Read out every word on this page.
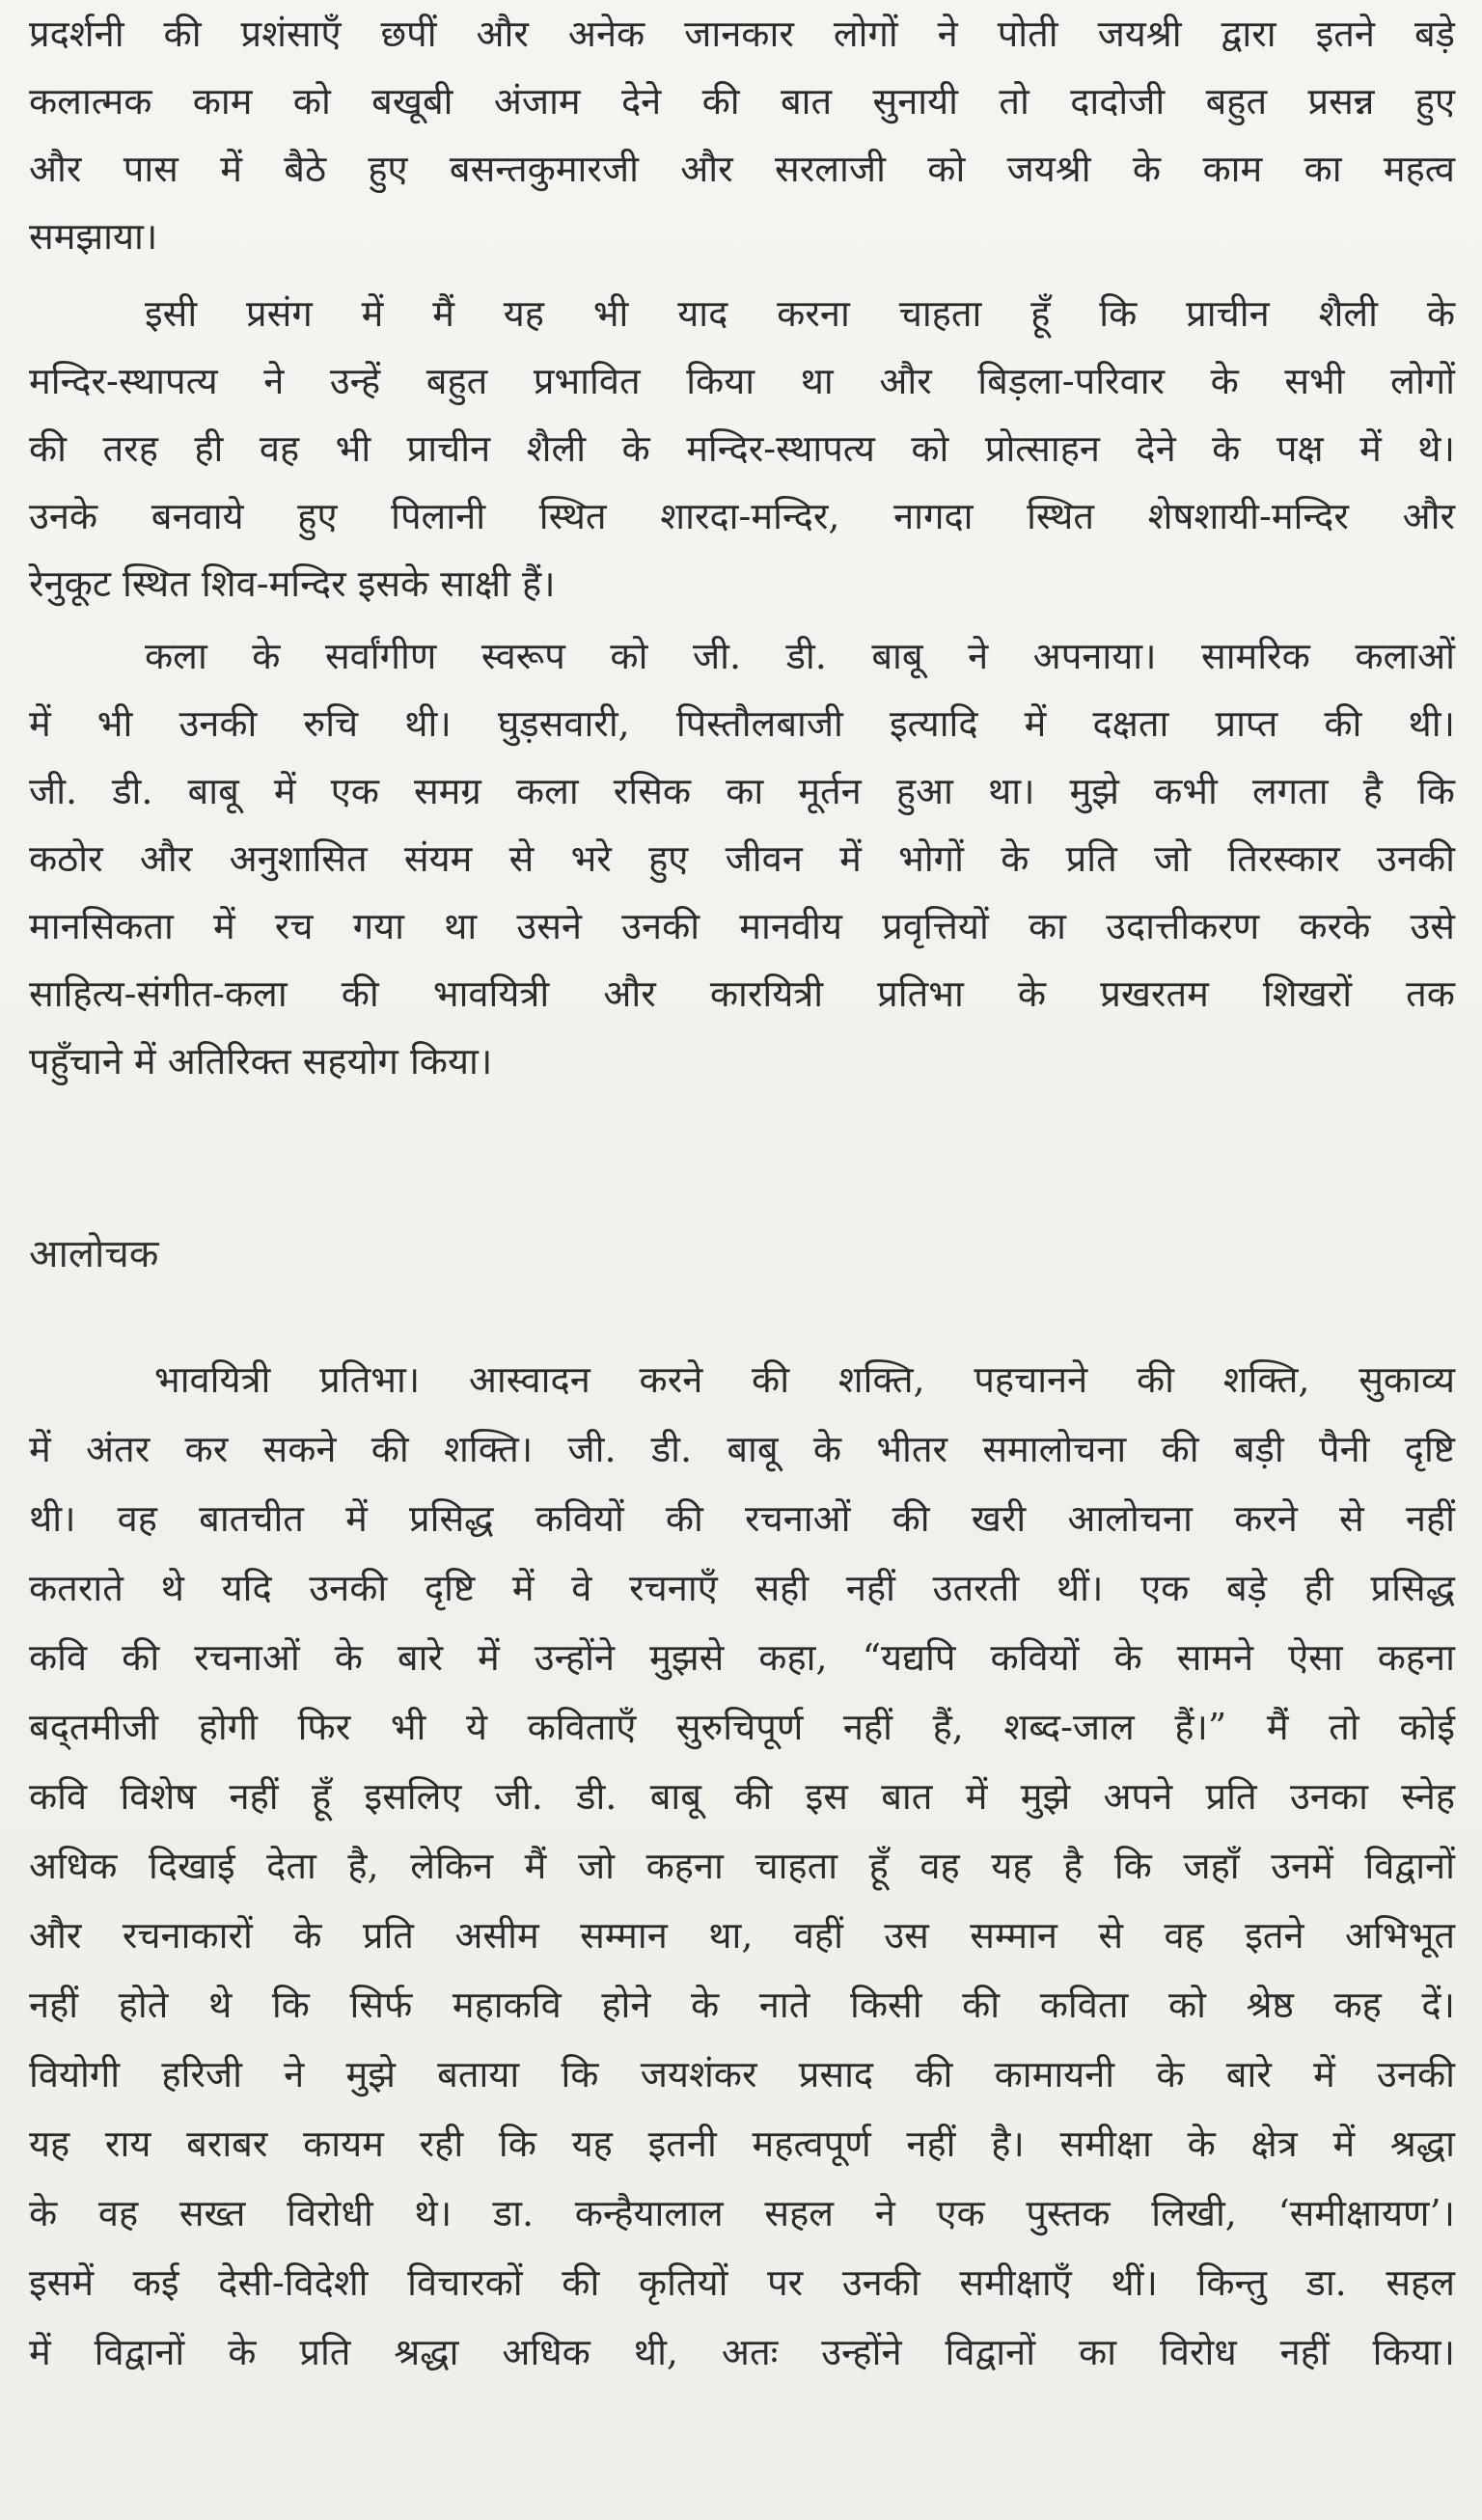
प्रदर्शनी की प्रशंसाएँ छपीं और अनेक जानकार लोगों ने पोती जयश्री द्वारा इतने बड़े
कलात्मक काम को बखूबी अंजाम देने की बात सुनायी तो दादोजी बहुत प्रसन्न हुए
और पास में बैठे हुए बसन्तकुमारजी और सरलाजी को जयश्री के काम का महत्व
समझाया।
इसी प्रसंग में मैं यह भी याद करना चाहता हूँ कि प्राचीन शैली के
मन्दिर-स्थापत्य ने उन्हें बहुत प्रभावित किया था और बिड़ला-परिवार के सभी लोगों
की तरह ही वह भी प्राचीन शैली के मन्दिर-स्थापत्य को प्रोत्साहन देने के पक्ष में थे।
उनके बनवाये हुए पिलानी स्थित शारदा-मन्दिर, नागदा स्थित शेषशायी-मन्दिर और
रेनुकूट स्थित शिव-मन्दिर इसके साक्षी हैं।
कला के सर्वांगीण स्वरूप को जी. डी. बाबू ने अपनाया। सामरिक कलाओं
में भी उनकी रुचि थी। घुड़सवारी, पिस्तौलबाजी इत्यादि में दक्षता प्राप्त की थी।
जी. डी. बाबू में एक समग्र कला रसिक का मूर्तन हुआ था। मुझे कभी लगता है कि
कठोर और अनुशासित संयम से भरे हुए जीवन में भोगों के प्रति जो तिरस्कार उनकी
मानसिकता में रच गया था उसने उनकी मानवीय प्रवृत्तियों का उदात्तीकरण करके उसे
साहित्य-संगीत-कला की भावयित्री और कारयित्री प्रतिभा के प्रखरतम शिखरों तक
पहुँचाने में अतिरिक्त सहयोग किया।
आलोचक
भावयित्री प्रतिभा। आस्वादन करने की शक्ति, पहचानने की शक्ति, सुकाव्य
में अंतर कर सकने की शक्ति। जी. डी. बाबू के भीतर समालोचना की बड़ी पैनी दृष्टि
थी। वह बातचीत में प्रसिद्ध कवियों की रचनाओं की खरी आलोचना करने से नहीं
कतराते थे यदि उनकी दृष्टि में वे रचनाएँ सही नहीं उतरती थीं। एक बड़े ही प्रसिद्ध
कवि की रचनाओं के बारे में उन्होंने मुझसे कहा, “यद्यपि कवियों के सामने ऐसा कहना
बद्तमीजी होगी फिर भी ये कविताएँ सुरुचिपूर्ण नहीं हैं, शब्द-जाल हैं।” मैं तो कोई
कवि विशेष नहीं हूँ इसलिए जी. डी. बाबू की इस बात में मुझे अपने प्रति उनका स्नेह
अधिक दिखाई देता है, लेकिन मैं जो कहना चाहता हूँ वह यह है कि जहाँ उनमें विद्वानों
और रचनाकारों के प्रति असीम सम्मान था, वहीं उस सम्मान से वह इतने अभिभूत
नहीं होते थे कि सिर्फ महाकवि होने के नाते किसी की कविता को श्रेष्ठ कह दें।
वियोगी हरिजी ने मुझे बताया कि जयशंकर प्रसाद की कामायनी के बारे में उनकी
यह राय बराबर कायम रही कि यह इतनी महत्वपूर्ण नहीं है। समीक्षा के क्षेत्र में श्रद्धा
के वह सख्त विरोधी थे। डा. कन्हैयालाल सहल ने एक पुस्तक लिखी, ‘समीक्षायण’।
इसमें कई देसी-विदेशी विचारकों की कृतियों पर उनकी समीक्षाएँ थीं। किन्तु डा. सहल
में विद्वानों के प्रति श्रद्धा अधिक थी, अतः उन्होंने विद्वानों का विरोध नहीं किया।
